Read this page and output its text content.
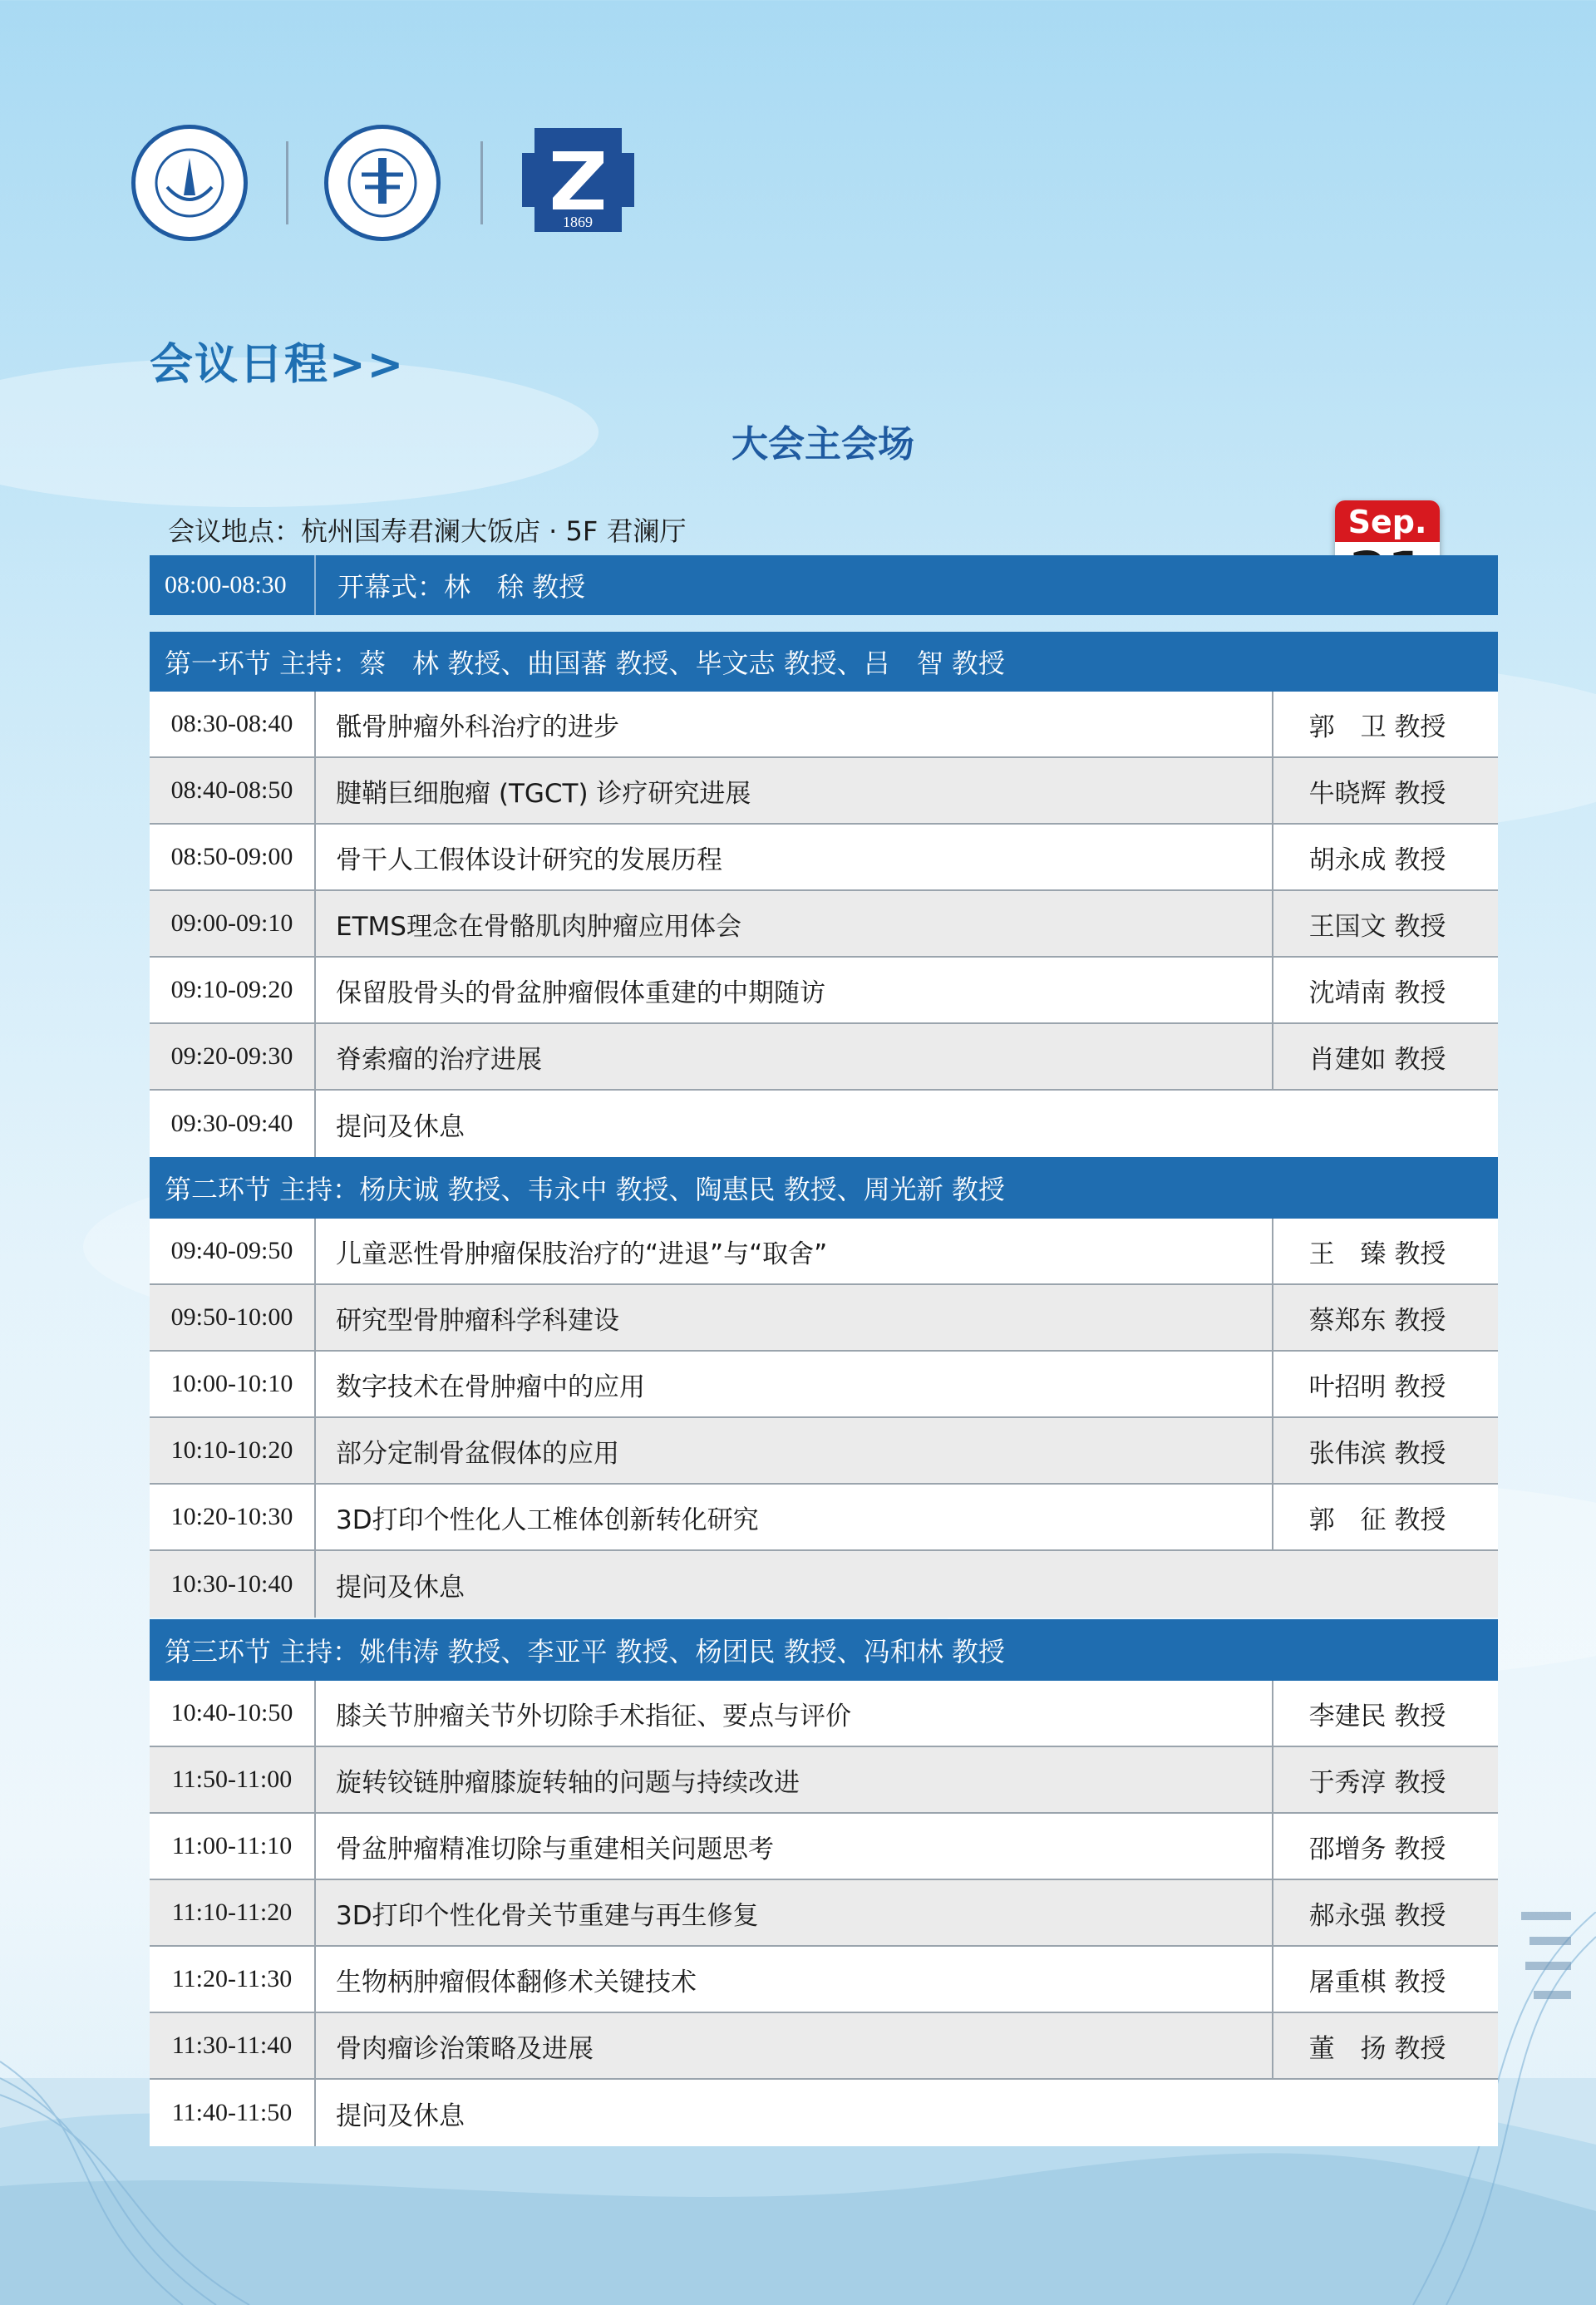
1869
会议日程>>
大会主会场
会议地点：杭州国寿君澜大饭店 · 5F 君澜厅	Sep.
08:00-08:30	开幕式：林　稌 教授
第一环节 主持：蔡　林 教授、曲国蕃 教授、毕文志 教授、吕　智 教授
08:30-08:40	骶骨肿瘤外科治疗的进步	郭　卫 教授
08:40-08:50	腱鞘巨细胞瘤 (TGCT) 诊疗研究进展	牛晓辉 教授
08:50-09:00	骨干人工假体设计研究的发展历程	胡永成 教授
09:00-09:10	ETMS理念在骨骼肌肉肿瘤应用体会	王国文 教授
09:10-09:20	保留股骨头的骨盆肿瘤假体重建的中期随访	沈靖南 教授
09:20-09:30	脊索瘤的治疗进展	肖建如 教授
09:30-09:40	提问及休息
第二环节 主持：杨庆诚 教授、韦永中 教授、陶惠民 教授、周光新 教授
09:40-09:50	儿童恶性骨肿瘤保肢治疗的“进退”与“取舍”	王　臻 教授
09:50-10:00	研究型骨肿瘤科学科建设	蔡郑东 教授
10:00-10:10	数字技术在骨肿瘤中的应用	叶招明 教授
10:10-10:20	部分定制骨盆假体的应用	张伟滨 教授
10:20-10:30	3D打印个性化人工椎体创新转化研究	郭　征 教授
10:30-10:40	提问及休息
第三环节 主持：姚伟涛 教授、李亚平 教授、杨团民 教授、冯和林 教授
10:40-10:50	膝关节肿瘤关节外切除手术指征、要点与评价	李建民 教授
11:50-11:00	旋转铰链肿瘤膝旋转轴的问题与持续改进	于秀淳 教授
11:00-11:10	骨盆肿瘤精准切除与重建相关问题思考	邵增务 教授
11:10-11:20	3D打印个性化骨关节重建与再生修复	郝永强 教授
11:20-11:30	生物柄肿瘤假体翻修术关键技术	屠重棋 教授
11:30-11:40	骨肉瘤诊治策略及进展	董　扬 教授
11:40-11:50	提问及休息
